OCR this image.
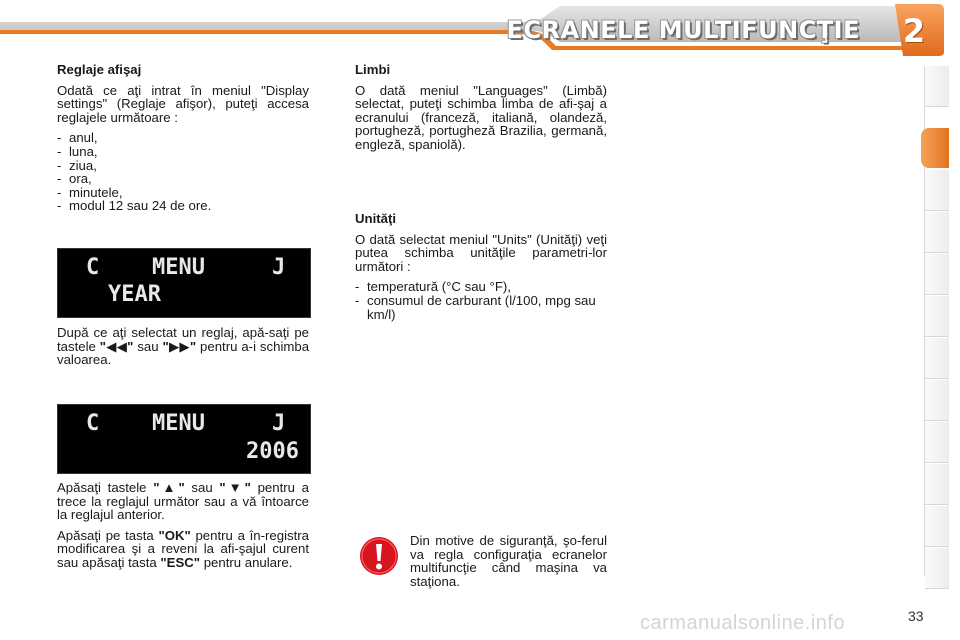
ECRANELE MULTIFUNCŢIE 2
Reglaje afişaj

Odată ce aţi intrat în meniul "Display settings" (Reglaje afişor), puteţi accesa reglajele următoare :

- anul,
- luna,
- ziua,
- ora,
- minutele,
- modul 12 sau 24 de ore.
C MENU	J
YEAR

După ce aţi selectat un reglaj, apă-saţi pe tastele "◀◀" sau "▶▶" pentru a-i schimba valoarea.

C MENU	J
2006

Apăsaţi tastele "▲" sau "▼" pentru a trece la reglajul următor sau a vă întoarce la reglajul anterior.

Apăsaţi pe tasta "OK" pentru a în-registra modificarea şi a reveni la afi-şajul curent sau apăsaţi tasta "ESC" pentru anulare.

Limbi

O dată meniul "Languages" (Limbă) selectat, puteţi schimba limba de afi-şaj a ecranului (franceză, italiană, olandeză, portugheză, portugheză Brazilia, germană, engleză, spaniolă).

Unităţi

O dată selectat meniul "Units" (Unităţi) veţi putea schimba unităţile parametri-lor următori :

- temperatură (°C sau °F),
- consumul de carburant (l/100, mpg sau km/l)
Din motive de siguranţă, şo-ferul va regla configuraţia ecranelor multifuncţie când maşina va staţiona.
carmanualsonline.info	33
